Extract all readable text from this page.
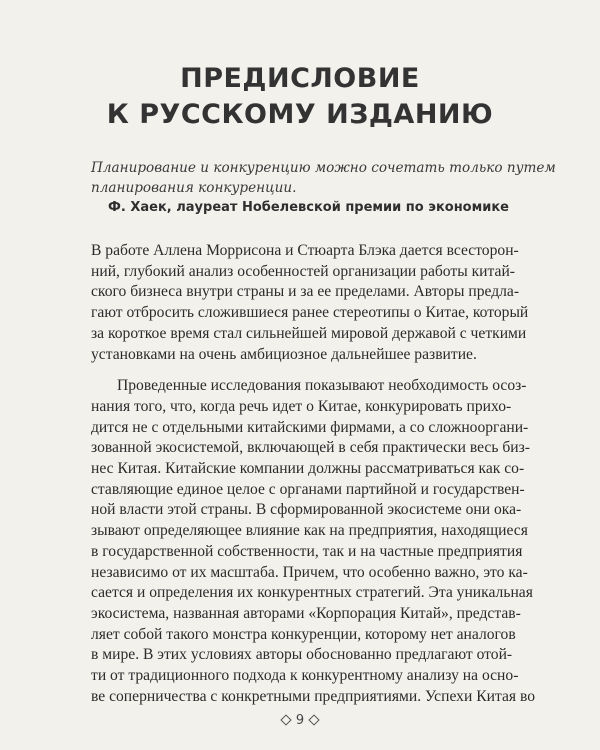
ПРЕДИСЛОВИЕ
К РУССКОМУ ИЗДАНИЮ
Планирование и конкуренцию можно сочетать только путем
планирования конкуренции.
Ф. Хаек, лауреат Нобелевской премии по экономике
В работе Аллена Моррисона и Стюарта Блэка дается всесторон-
ний, глубокий анализ особенностей организации работы китай-
ского бизнеса внутри страны и за ее пределами. Авторы предла-
гают отбросить сложившиеся ранее стереотипы о Китае, который
за короткое время стал сильнейшей мировой державой с четкими
установками на очень амбициозное дальнейшее развитие.
Проведенные исследования показывают необходимость осоз-
нания того, что, когда речь идет о Китае, конкурировать прихо-
дится не с отдельными китайскими фирмами, а со сложнооргани-
зованной экосистемой, включающей в себя практически весь биз-
нес Китая. Китайские компании должны рассматриваться как со-
ставляющие единое целое с органами партийной и государствен-
ной власти этой страны. В сформированной экосистеме они ока-
зывают определяющее влияние как на предприятия, находящиеся
в государственной собственности, так и на частные предприятия
независимо от их масштаба. Причем, что особенно важно, это ка-
сается и определения их конкурентных стратегий. Эта уникальная
экосистема, названная авторами «Корпорация Китай», представ-
ляет собой такого монстра конкуренции, которому нет аналогов
в мире. В этих условиях авторы обоснованно предлагают отой-
ти от традиционного подхода к конкурентному анализу на осно-
ве соперничества с конкретными предприятиями. Успехи Китая во
9
